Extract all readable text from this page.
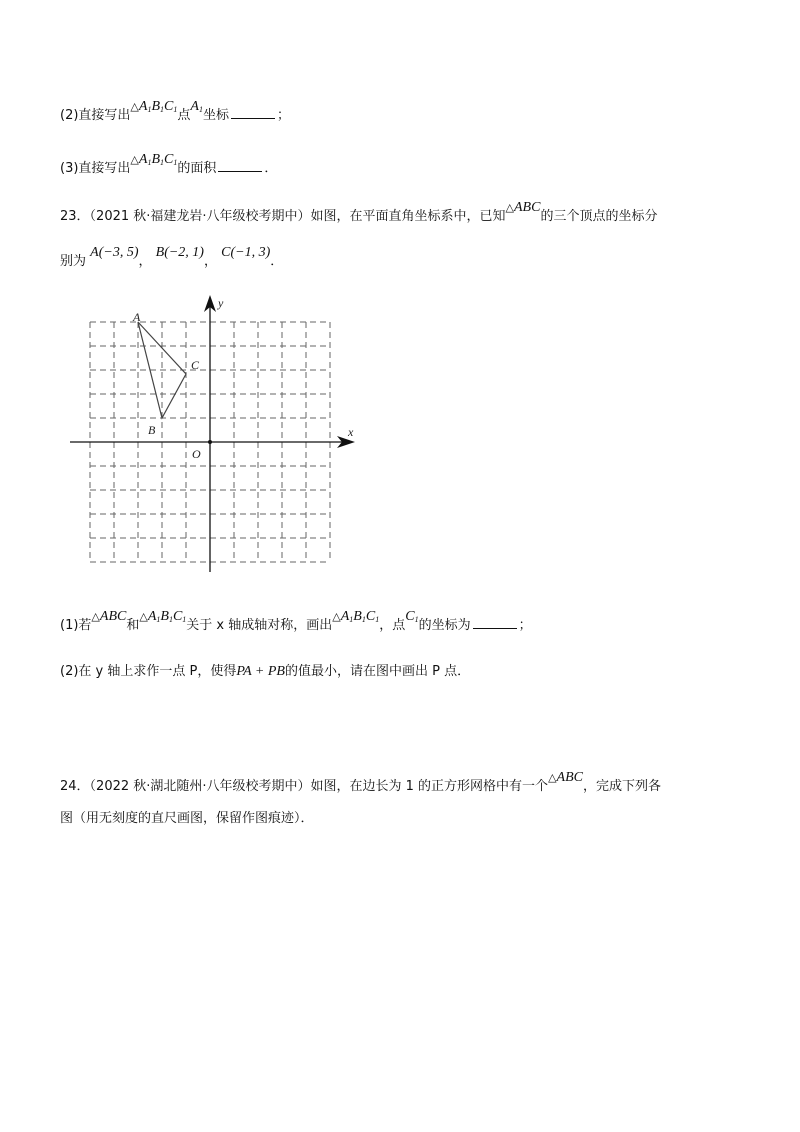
(2)直接写出$\triangle A_1B_1C_1$点$A_1$坐标	；
(3)直接写出$\triangle A_1B_1C_1$的面积	．
23．（2021 秋·福建龙岩·八年级校考期中）如图，在平面直角坐标系中，已知△ABC的三个顶点的坐标分
别为 A(−3, 5)， B(−2, 1)， C(−1, 3)．
y
x
O
A
B
C
(1)若△ABC和$\triangle A_1B_1C_1$关于 x 轴成轴对称，画出$\triangle A_1B_1C_1$，点$C_1$的坐标为	；
(2)在 y 轴上求作一点 P，使得PA + PB的值最小，请在图中画出 P 点．
24．（2022 秋·湖北随州·八年级校考期中）如图，在边长为 1 的正方形网格中有一个△ABC，完成下列各
图（用无刻度的直尺画图，保留作图痕迹）．
